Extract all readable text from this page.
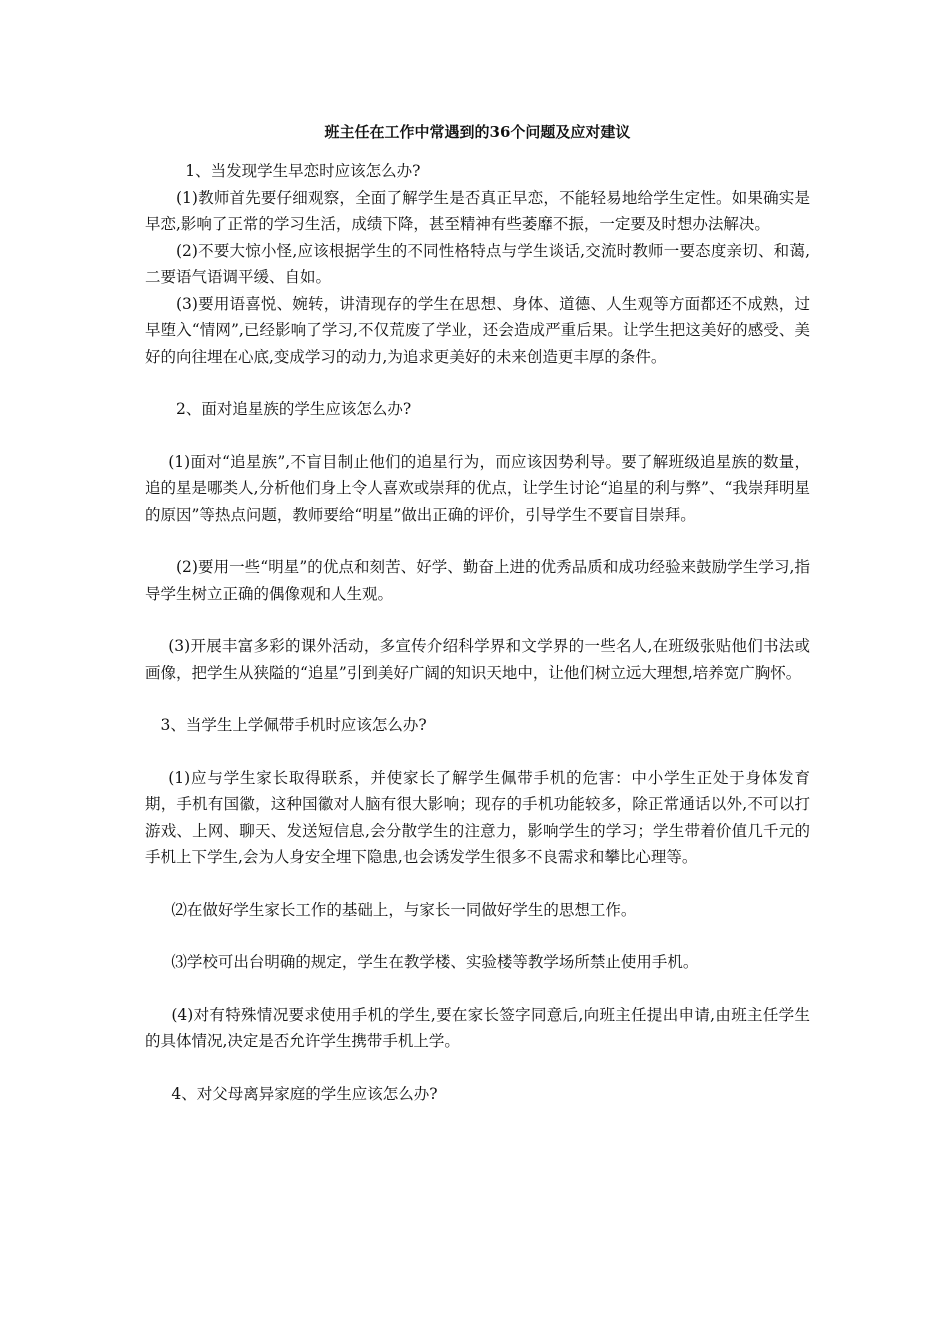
班主任在工作中常遇到的36个问题及应对建议

1、当发现学生早恋时应该怎么办?

(1)教师首先要仔细观察，全面了解学生是否真正早恋，不能轻易地给学生定性。如果确实是早恋,影响了正常的学习生活，成绩下降，甚至精神有些萎靡不振，一定要及时想办法解决。

(2)不要大惊小怪,应该根据学生的不同性格特点与学生谈话,交流时教师一要态度亲切、和蔼,二要语气语调平缓、自如。

(3)要用语喜悦、婉转，讲清现存的学生在思想、身体、道德、人生观等方面都还不成熟，过早堕入“情网”,已经影响了学习,不仅荒废了学业，还会造成严重后果。让学生把这美好的感受、美好的向往埋在心底,变成学习的动力,为追求更美好的未来创造更丰厚的条件。

2、面对追星族的学生应该怎么办?

(1)面对“追星族”,不盲目制止他们的追星行为，而应该因势利导。要了解班级追星族的数量，追的星是哪类人,分析他们身上令人喜欢或崇拜的优点，让学生讨论“追星的利与弊”、“我崇拜明星的原因”等热点问题，教师要给“明星”做出正确的评价，引导学生不要盲目崇拜。

(2)要用一些“明星”的优点和刻苦、好学、勤奋上进的优秀品质和成功经验来鼓励学生学习,指导学生树立正确的偶像观和人生观。

(3)开展丰富多彩的课外活动，多宣传介绍科学界和文学界的一些名人,在班级张贴他们书法或画像，把学生从狭隘的“追星”引到美好广阔的知识天地中，让他们树立远大理想,培养宽广胸怀。

3、当学生上学佩带手机时应该怎么办?

(1)应与学生家长取得联系，并使家长了解学生佩带手机的危害：中小学生正处于身体发育期，手机有国徽，这种国徽对人脑有很大影响；现存的手机功能较多，除正常通话以外,不可以打游戏、上网、聊天、发送短信息,会分散学生的注意力，影响学生的学习；学生带着价值几千元的手机上下学生,会为人身安全埋下隐患,也会诱发学生很多不良需求和攀比心理等。

⑵在做好学生家长工作的基础上，与家长一同做好学生的思想工作。

⑶学校可出台明确的规定，学生在教学楼、实验楼等教学场所禁止使用手机。

(4)对有特殊情况要求使用手机的学生,要在家长签字同意后,向班主任提出申请,由班主任学生的具体情况,决定是否允许学生携带手机上学。

4、对父母离异家庭的学生应该怎么办?
